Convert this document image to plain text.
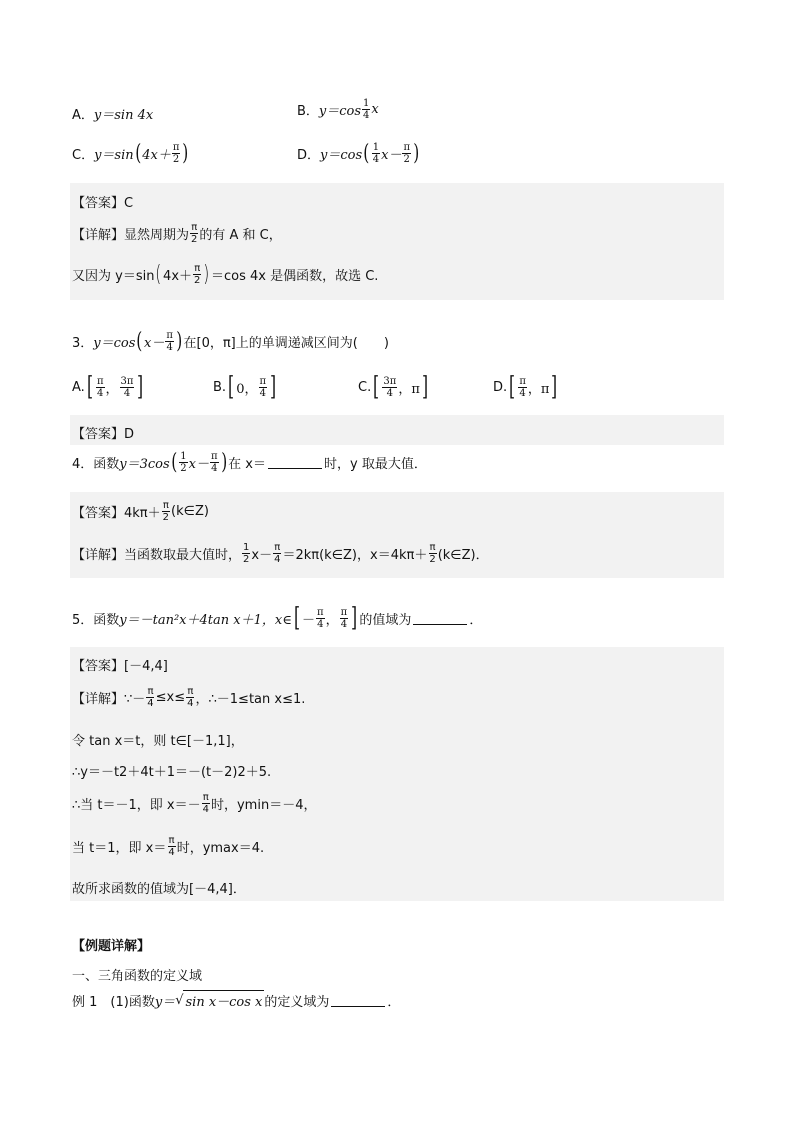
A． y＝sin 4x	B． $y=\cos \frac{1}{4}$ x
C． y＝sin ( $4x+ \frac{\pi}{2}$ )	D． y＝cos ( $\frac{1}{4} x- \frac{\pi}{2}$ )
【答案】C
【详解】显然周期为 $\frac{\pi}{2}$ 的有 A 和 C，
又因为 y＝sin ( $4x+ \frac{\pi}{2}$ ) ＝cos 4x 是偶函数，故选 C.
3． y＝cos ( $x- \frac{\pi}{4}$ ) 在[0，π]上的单调递减区间为(　　)
A. [ $\frac{\pi}{4}$ ， $\frac{3\pi}{4}$ ]	B. [ 0， $\frac{\pi}{4}$ ]	C. [ $\frac{3\pi}{4}$ ，π ]	D. [ $\frac{\pi}{4}$ ，π ]
【答案】D
4．函数 y＝3cos ( $\frac{1}{2} x- \frac{\pi}{4}$ ) 在 x＝	时，y 取最大值．
【答案】$4k\pi+ \frac{\pi}{2}$ (k∈Z)
【详解】当函数取最大值时， $\frac{1}{2} x- \frac{\pi}{4}$ ＝2kπ(k∈Z)，$x=4k\pi+ \frac{\pi}{2}$ (k∈Z)．
5．函数 y＝－tan²x＋4tan x＋1，x∈ [ － $\frac{\pi}{4}$ ， $\frac{\pi}{4}$ ] 的值域为	．
【答案】[－4,4]
【详解】∵－ $\frac{\pi}{4} \le x\le \frac{\pi}{4}$ ，∴－1≤tan x≤1.
令 tan x＝t，则 t∈[－1,1]，
∴y＝－t2＋4t＋1＝－(t－2)2＋5.
∴当 t＝－1，即 $x=- \frac{\pi}{4}$ 时，ymin＝－4，
当 t＝1，即 $x= \frac{\pi}{4}$ 时，ymax＝4.
故所求函数的值域为[－4,4]．
【例题详解】
一、三角函数的定义域
例 1　(1)函数 y＝ √ sin x－cos x 的定义域为	．
